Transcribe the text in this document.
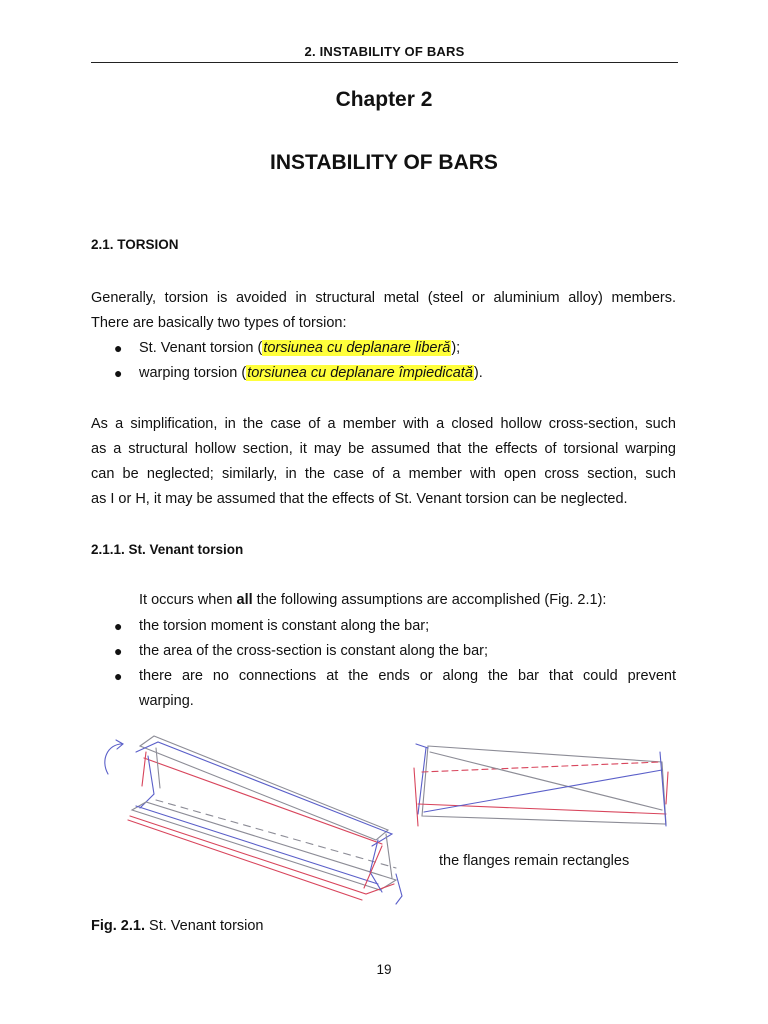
2. INSTABILITY OF BARS
Chapter 2
INSTABILITY OF BARS
2.1. TORSION
Generally, torsion is avoided in structural metal (steel or aluminium alloy) members.
There are basically two types of torsion:
● St. Venant torsion (torsiunea cu deplanare liberă);
● warping torsion (torsiunea cu deplanare împiedicată).
As a simplification, in the case of a member with a closed hollow cross-section, such
as a structural hollow section, it may be assumed that the effects of torsional warping
can be neglected; similarly, in the case of a member with open cross section, such
as I or H, it may be assumed that the effects of St. Venant torsion can be neglected.
2.1.1. St. Venant torsion
It occurs when all the following assumptions are accomplished (Fig. 2.1):
● the torsion moment is constant along the bar;
● the area of the cross-section is constant along the bar;
● there are no connections at the ends or along the bar that could prevent
warping.
the flanges remain rectangles
Fig. 2.1. St. Venant torsion
19
